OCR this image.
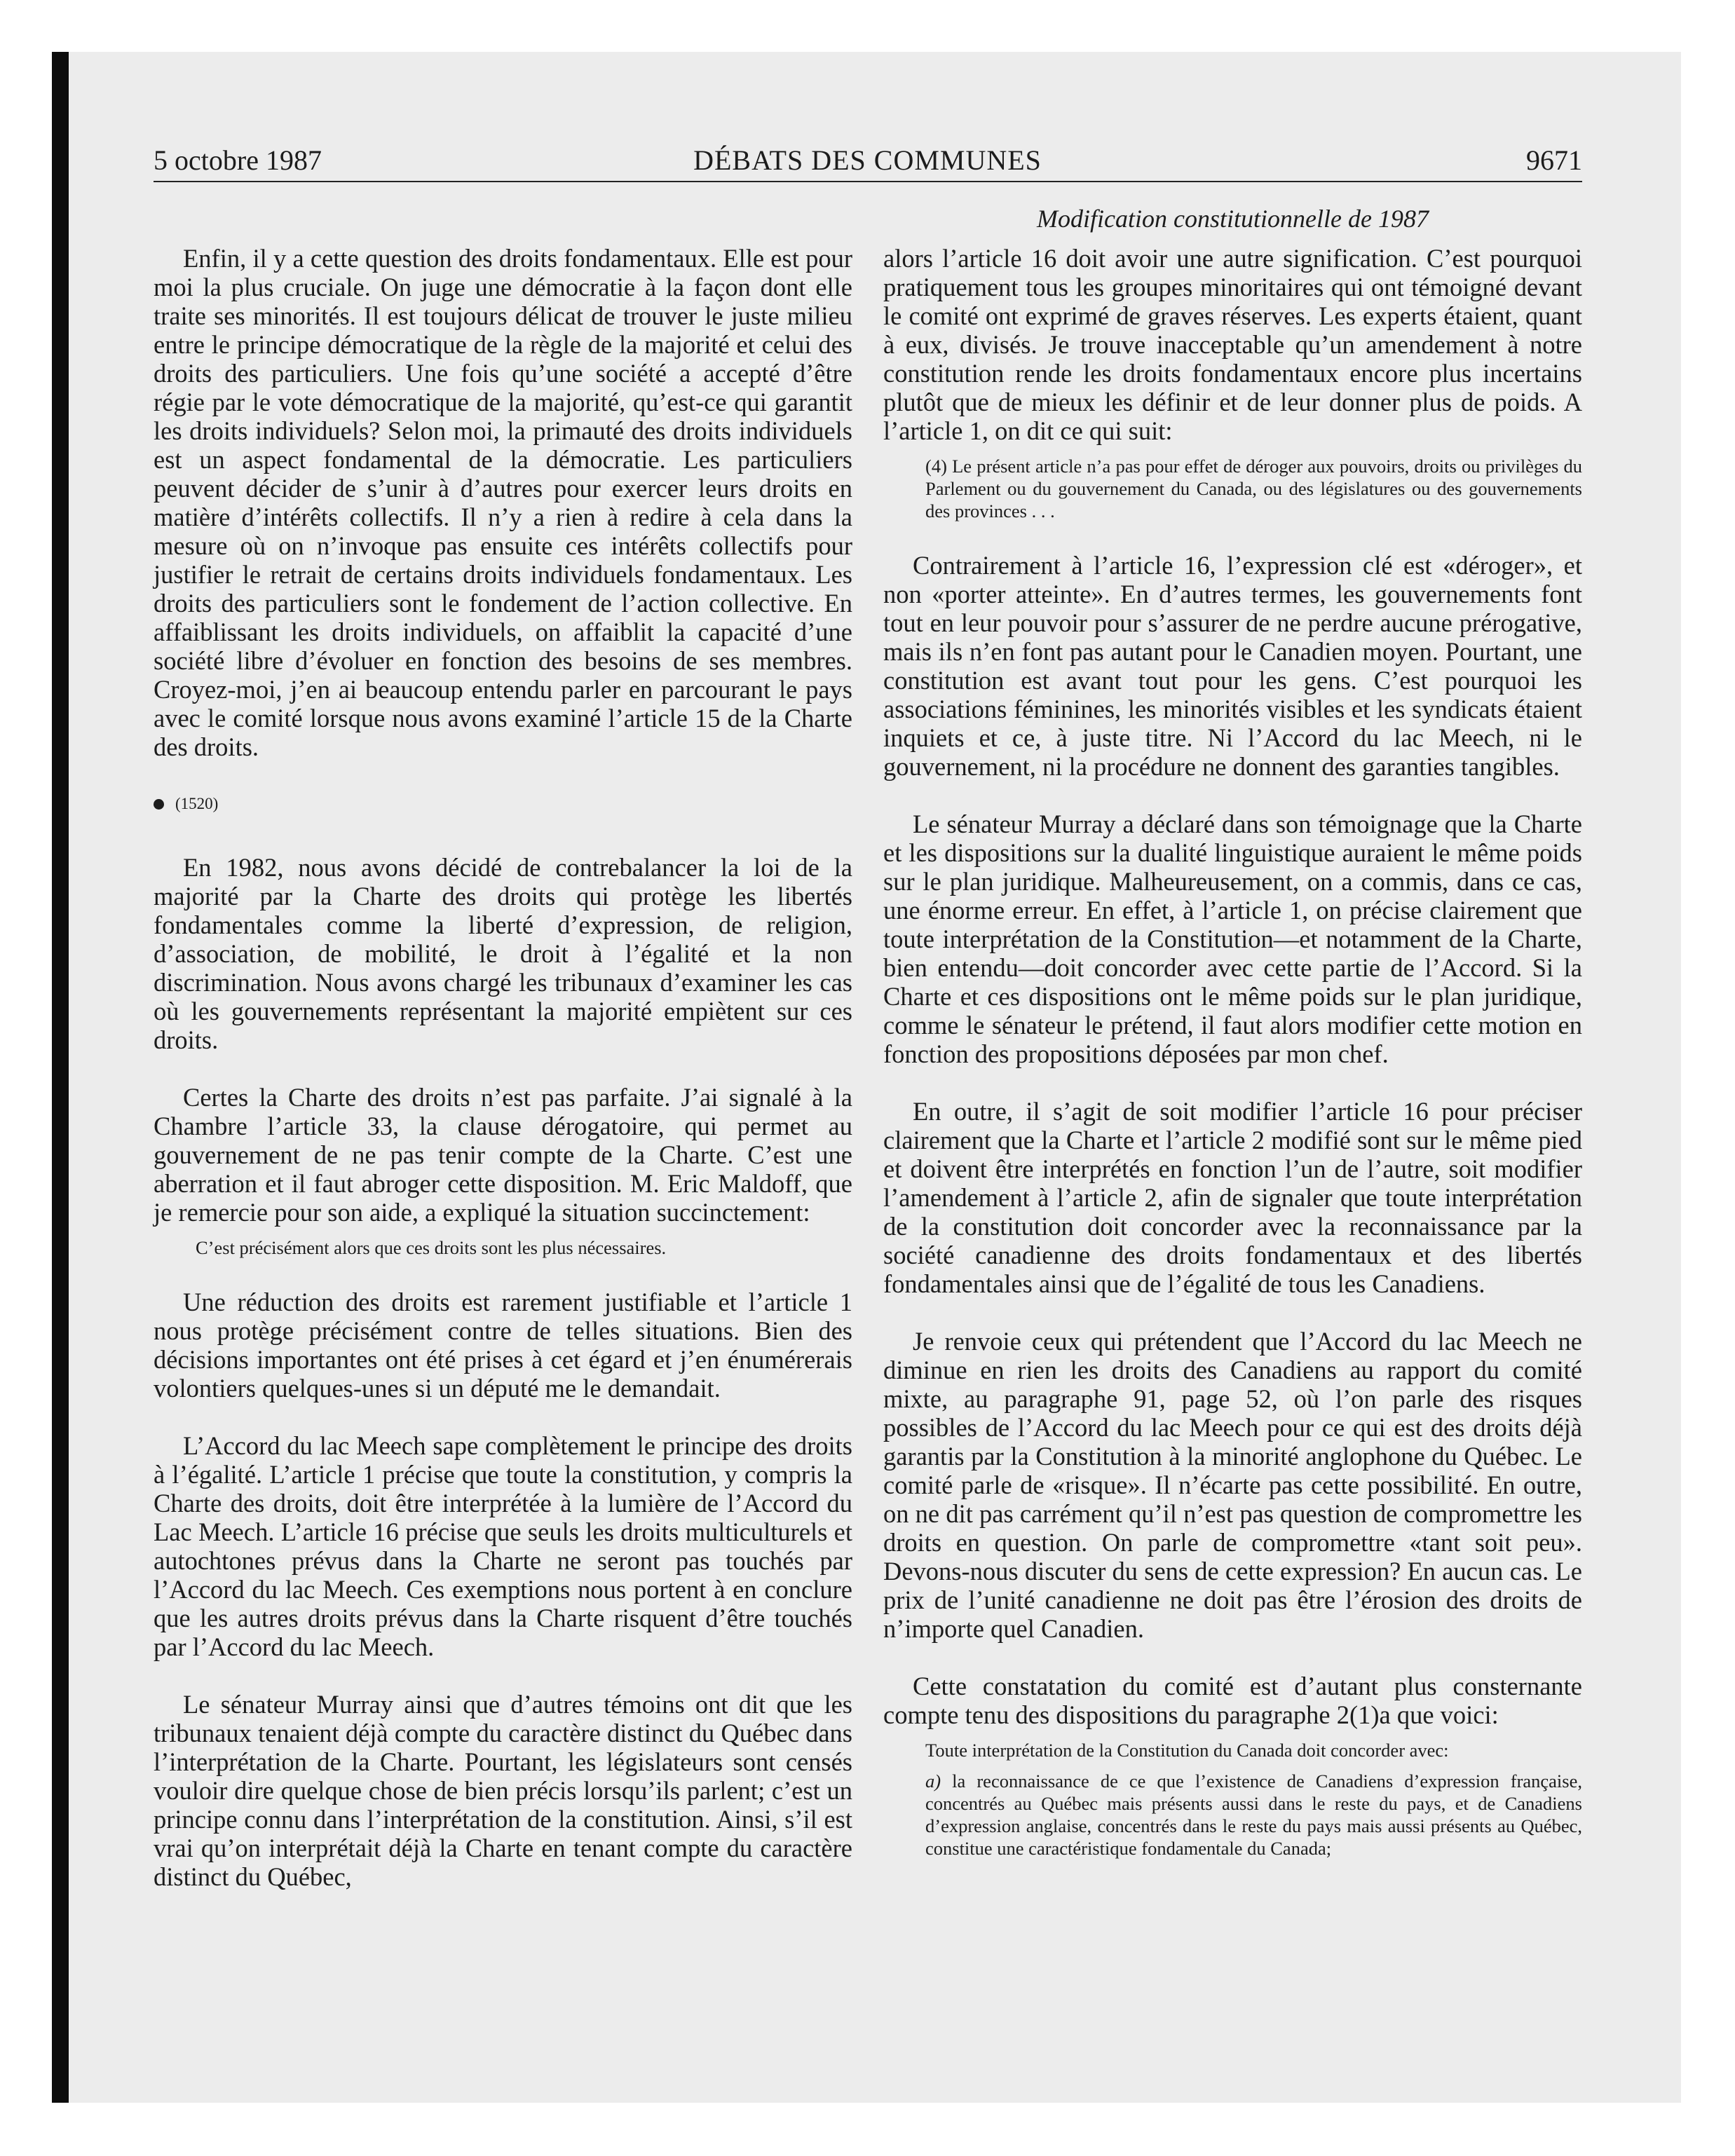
5 octobre 1987	DÉBATS DES COMMUNES	9671
Modification constitutionnelle de 1987

Enfin, il y a cette question des droits fondamentaux. Elle est pour moi la plus cruciale. On juge une démocratie à la façon dont elle traite ses minorités. Il est toujours délicat de trouver le juste milieu entre le principe démocratique de la règle de la majorité et celui des droits des particuliers. Une fois qu’une société a accepté d’être régie par le vote démocratique de la majorité, qu’est-ce qui garantit les droits individuels? Selon moi, la primauté des droits individuels est un aspect fondamental de la démocratie. Les particuliers peuvent décider de s’unir à d’autres pour exercer leurs droits en matière d’intérêts collectifs. Il n’y a rien à redire à cela dans la mesure où on n’invoque pas ensuite ces intérêts collectifs pour justifier le retrait de certains droits individuels fondamentaux. Les droits des particuliers sont le fondement de l’action collective. En affaiblissant les droits individuels, on affaiblit la capacité d’une société libre d’évoluer en fonction des besoins de ses membres. Croyez-moi, j’en ai beaucoup entendu parler en parcourant le pays avec le comité lorsque nous avons examiné l’article 15 de la Charte des droits.

(1520)

En 1982, nous avons décidé de contrebalancer la loi de la majorité par la Charte des droits qui protège les libertés fondamentales comme la liberté d’expression, de religion, d’association, de mobilité, le droit à l’égalité et la non discrimination. Nous avons chargé les tribunaux d’examiner les cas où les gouvernements représentant la majorité empiètent sur ces droits.

Certes la Charte des droits n’est pas parfaite. J’ai signalé à la Chambre l’article 33, la clause dérogatoire, qui permet au gouvernement de ne pas tenir compte de la Charte. C’est une aberration et il faut abroger cette disposition. M. Eric Maldoff, que je remercie pour son aide, a expliqué la situation succinctement:

C’est précisément alors que ces droits sont les plus nécessaires.

Une réduction des droits est rarement justifiable et l’article 1 nous protège précisément contre de telles situations. Bien des décisions importantes ont été prises à cet égard et j’en énumérerais volontiers quelques-unes si un député me le demandait.

L’Accord du lac Meech sape complètement le principe des droits à l’égalité. L’article 1 précise que toute la constitution, y compris la Charte des droits, doit être interprétée à la lumière de l’Accord du Lac Meech. L’article 16 précise que seuls les droits multiculturels et autochtones prévus dans la Charte ne seront pas touchés par l’Accord du lac Meech. Ces exemptions nous portent à en conclure que les autres droits prévus dans la Charte risquent d’être touchés par l’Accord du lac Meech.

Le sénateur Murray ainsi que d’autres témoins ont dit que les tribunaux tenaient déjà compte du caractère distinct du Québec dans l’interprétation de la Charte. Pourtant, les législateurs sont censés vouloir dire quelque chose de bien précis lorsqu’ils parlent; c’est un principe connu dans l’interprétation de la constitution. Ainsi, s’il est vrai qu’on interprétait déjà la Charte en tenant compte du caractère distinct du Québec,

alors l’article 16 doit avoir une autre signification. C’est pourquoi pratiquement tous les groupes minoritaires qui ont témoigné devant le comité ont exprimé de graves réserves. Les experts étaient, quant à eux, divisés. Je trouve inacceptable qu’un amendement à notre constitution rende les droits fondamentaux encore plus incertains plutôt que de mieux les définir et de leur donner plus de poids. A l’article 1, on dit ce qui suit:

(4) Le présent article n’a pas pour effet de déroger aux pouvoirs, droits ou privilèges du Parlement ou du gouvernement du Canada, ou des législatures ou des gouvernements des provinces . . .

Contrairement à l’article 16, l’expression clé est «déroger», et non «porter atteinte». En d’autres termes, les gouvernements font tout en leur pouvoir pour s’assurer de ne perdre aucune prérogative, mais ils n’en font pas autant pour le Canadien moyen. Pourtant, une constitution est avant tout pour les gens. C’est pourquoi les associations féminines, les minorités visibles et les syndicats étaient inquiets et ce, à juste titre. Ni l’Accord du lac Meech, ni le gouvernement, ni la procédure ne donnent des garanties tangibles.

Le sénateur Murray a déclaré dans son témoignage que la Charte et les dispositions sur la dualité linguistique auraient le même poids sur le plan juridique. Malheureusement, on a commis, dans ce cas, une énorme erreur. En effet, à l’article 1, on précise clairement que toute interprétation de la Constitution—et notamment de la Charte, bien entendu—doit concorder avec cette partie de l’Accord. Si la Charte et ces dispositions ont le même poids sur le plan juridique, comme le sénateur le prétend, il faut alors modifier cette motion en fonction des propositions déposées par mon chef.

En outre, il s’agit de soit modifier l’article 16 pour préciser clairement que la Charte et l’article 2 modifié sont sur le même pied et doivent être interprétés en fonction l’un de l’autre, soit modifier l’amendement à l’article 2, afin de signaler que toute interprétation de la constitution doit concorder avec la reconnaissance par la société canadienne des droits fondamentaux et des libertés fondamentales ainsi que de l’égalité de tous les Canadiens.

Je renvoie ceux qui prétendent que l’Accord du lac Meech ne diminue en rien les droits des Canadiens au rapport du comité mixte, au paragraphe 91, page 52, où l’on parle des risques possibles de l’Accord du lac Meech pour ce qui est des droits déjà garantis par la Constitution à la minorité anglophone du Québec. Le comité parle de «risque». Il n’écarte pas cette possibilité. En outre, on ne dit pas carrément qu’il n’est pas question de compromettre les droits en question. On parle de compromettre «tant soit peu». Devons-nous discuter du sens de cette expression? En aucun cas. Le prix de l’unité canadienne ne doit pas être l’érosion des droits de n’importe quel Canadien.

Cette constatation du comité est d’autant plus consternante compte tenu des dispositions du paragraphe 2(1)a que voici:

Toute interprétation de la Constitution du Canada doit concorder avec:

a) la reconnaissance de ce que l’existence de Canadiens d’expression française, concentrés au Québec mais présents aussi dans le reste du pays, et de Canadiens d’expression anglaise, concentrés dans le reste du pays mais aussi présents au Québec, constitue une caractéristique fondamentale du Canada;
